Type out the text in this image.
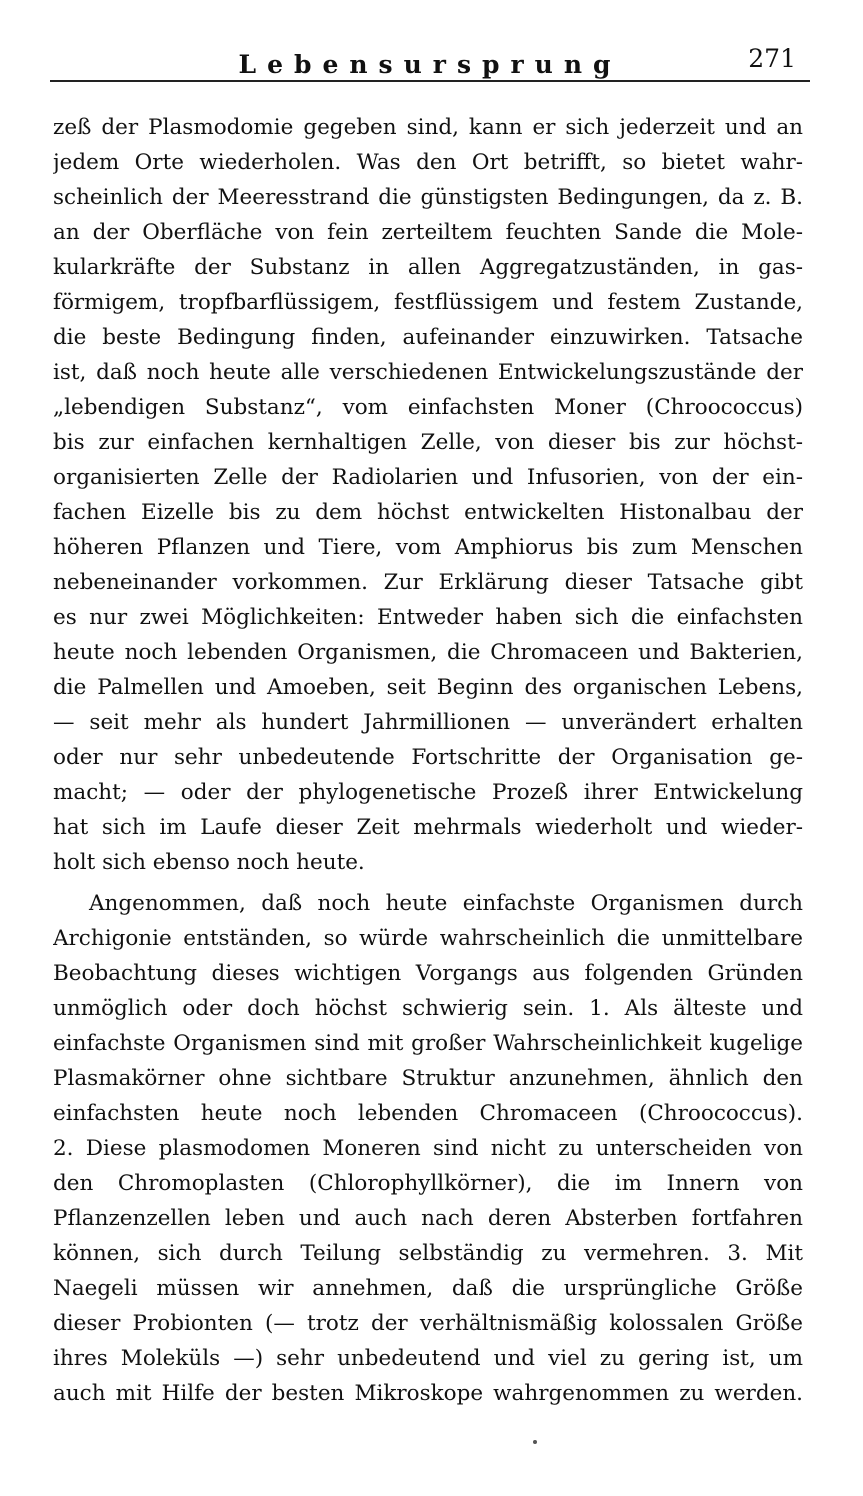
Lebensursprung	271
zeß der Plasmodomie gegeben sind, kann er sich jederzeit und an
jedem Orte wiederholen. Was den Ort betrifft, so bietet wahr-
scheinlich der Meeresstrand die günstigsten Bedingungen, da z. B.
an der Oberfläche von fein zerteiltem feuchten Sande die Mole-
kularkräfte der Substanz in allen Aggregatzuständen, in gas-
förmigem, tropfbarflüssigem, festflüssigem und festem Zustande,
die beste Bedingung finden, aufeinander einzuwirken. Tatsache
ist, daß noch heute alle verschiedenen Entwickelungszustände der
„lebendigen Substanz“, vom einfachsten Moner (Chroococcus)
bis zur einfachen kernhaltigen Zelle, von dieser bis zur höchst-
organisierten Zelle der Radiolarien und Infusorien, von der ein-
fachen Eizelle bis zu dem höchst entwickelten Histonalbau der
höheren Pflanzen und Tiere, vom Amphiorus bis zum Menschen
nebeneinander vorkommen. Zur Erklärung dieser Tatsache gibt
es nur zwei Möglichkeiten: Entweder haben sich die einfachsten
heute noch lebenden Organismen, die Chromaceen und Bakterien,
die Palmellen und Amoeben, seit Beginn des organischen Lebens,
— seit mehr als hundert Jahrmillionen — unverändert erhalten
oder nur sehr unbedeutende Fortschritte der Organisation ge-
macht; — oder der phylogenetische Prozeß ihrer Entwickelung
hat sich im Laufe dieser Zeit mehrmals wiederholt und wieder-
holt sich ebenso noch heute.
Angenommen, daß noch heute einfachste Organismen durch
Archigonie entständen, so würde wahrscheinlich die unmittelbare
Beobachtung dieses wichtigen Vorgangs aus folgenden Gründen
unmöglich oder doch höchst schwierig sein. 1. Als älteste und
einfachste Organismen sind mit großer Wahrscheinlichkeit kugelige
Plasmakörner ohne sichtbare Struktur anzunehmen, ähnlich den
einfachsten heute noch lebenden Chromaceen (Chroococcus).
2. Diese plasmodomen Moneren sind nicht zu unterscheiden von
den Chromoplasten (Chlorophyllkörner), die im Innern von
Pflanzenzellen leben und auch nach deren Absterben fortfahren
können, sich durch Teilung selbständig zu vermehren. 3. Mit
Naegeli müssen wir annehmen, daß die ursprüngliche Größe
dieser Probionten (— trotz der verhältnismäßig kolossalen Größe
ihres Moleküls —) sehr unbedeutend und viel zu gering ist, um
auch mit Hilfe der besten Mikroskope wahrgenommen zu werden.
